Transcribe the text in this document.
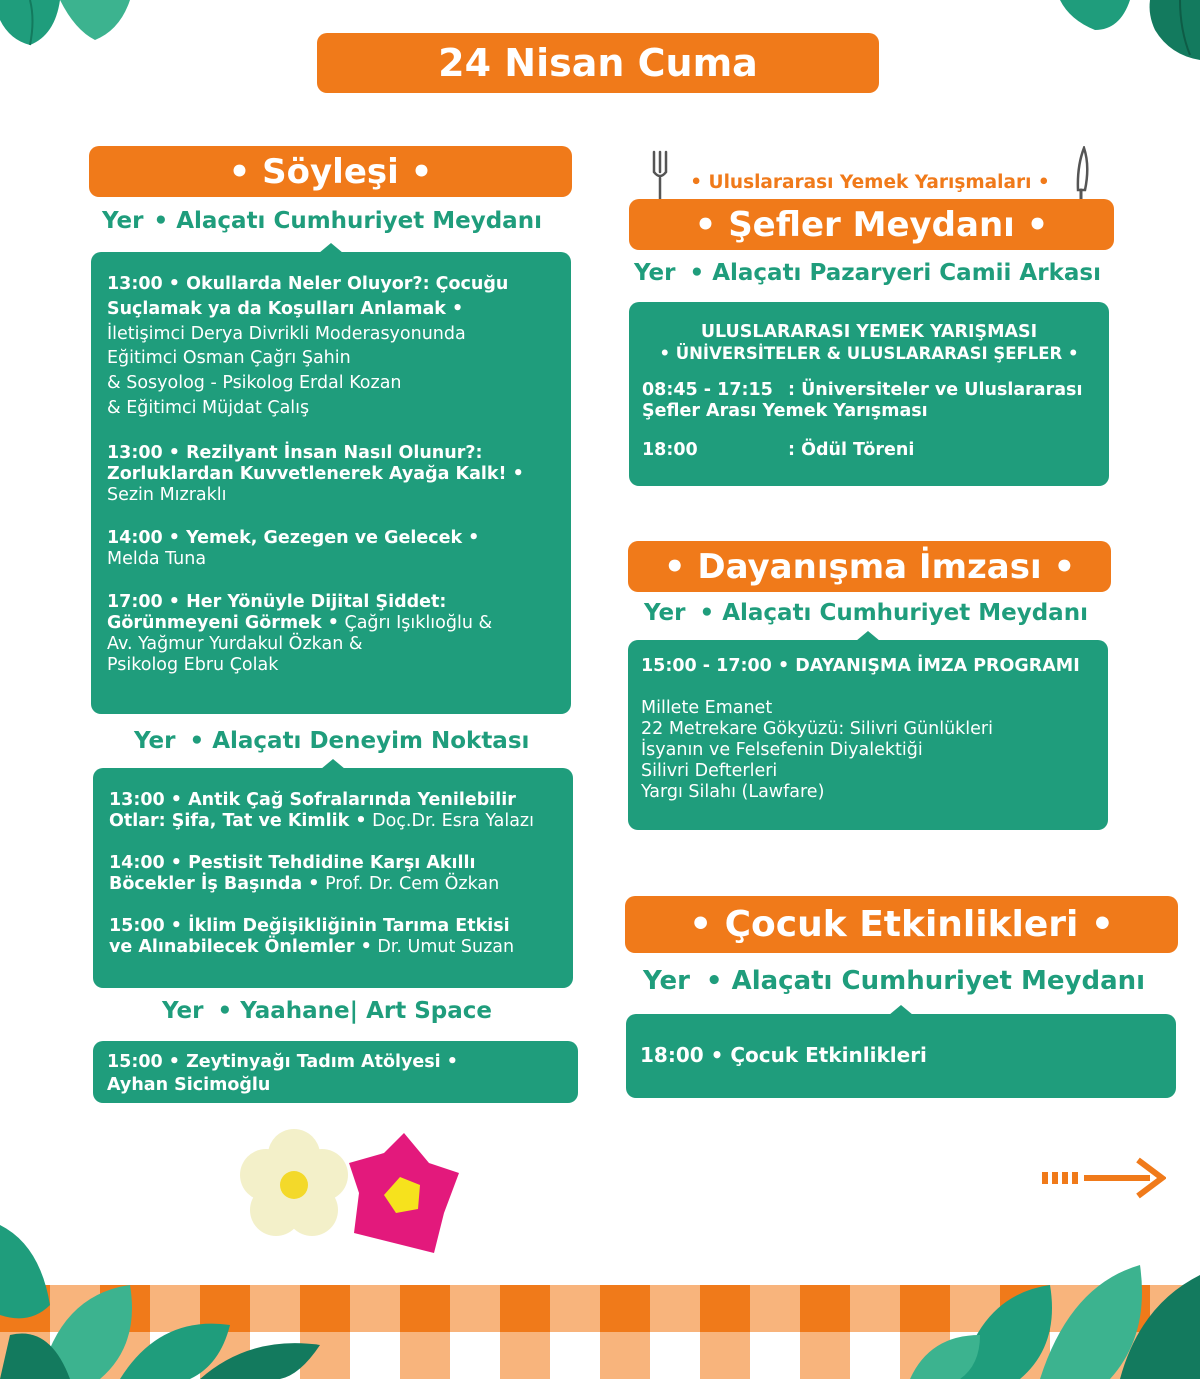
24 Nisan Cuma
• Söyleşi •
Yer • Alaçatı Cumhuriyet Meydanı
13:00 • Okullarda Neler Oluyor?: Çocuğu
Suçlamak ya da Koşulları Anlamak •
İletişimci Derya Divrikli Moderasyonunda
Eğitimci Osman Çağrı Şahin
& Sosyolog - Psikolog Erdal Kozan
& Eğitimci Müjdat Çalış
13:00 • Rezilyant İnsan Nasıl Olunur?:
Zorluklardan Kuvvetlenerek Ayağa Kalk! •
Sezin Mızraklı
14:00 • Yemek, Gezegen ve Gelecek •
Melda Tuna
17:00 • Her Yönüyle Dijital Şiddet:
Görünmeyeni Görmek • Çağrı Işıklıoğlu &
Av. Yağmur Yurdakul Özkan &
Psikolog Ebru Çolak
Yer • Alaçatı Deneyim Noktası
13:00 • Antik Çağ Sofralarında Yenilebilir
Otlar: Şifa, Tat ve Kimlik • Doç.Dr. Esra Yalazı
14:00 • Pestisit Tehdidine Karşı Akıllı
Böcekler İş Başında • Prof. Dr. Cem Özkan
15:00 • İklim Değişikliğinin Tarıma Etkisi
ve Alınabilecek Önlemler • Dr. Umut Suzan
Yer • Yaahane| Art Space
15:00 • Zeytinyağı Tadım Atölyesi •
Ayhan Sicimoğlu
• Uluslararası Yemek Yarışmaları •
• Şefler Meydanı •
Yer • Alaçatı Pazaryeri Camii Arkası
ULUSLARARASI YEMEK YARIŞMASI
• ÜNİVERSİTELER & ULUSLARARASI ŞEFLER •
08:45 - 17:15 : Üniversiteler ve Uluslararası
Şefler Arası Yemek Yarışması
18:00	: Ödül Töreni
• Dayanışma İmzası •
Yer • Alaçatı Cumhuriyet Meydanı
15:00 - 17:00 • DAYANIŞMA İMZA PROGRAMI
Millete Emanet
22 Metrekare Gökyüzü: Silivri Günlükleri
İsyanın ve Felsefenin Diyalektiği
Silivri Defterleri
Yargı Silahı (Lawfare)
• Çocuk Etkinlikleri •
Yer • Alaçatı Cumhuriyet Meydanı
18:00 • Çocuk Etkinlikleri
